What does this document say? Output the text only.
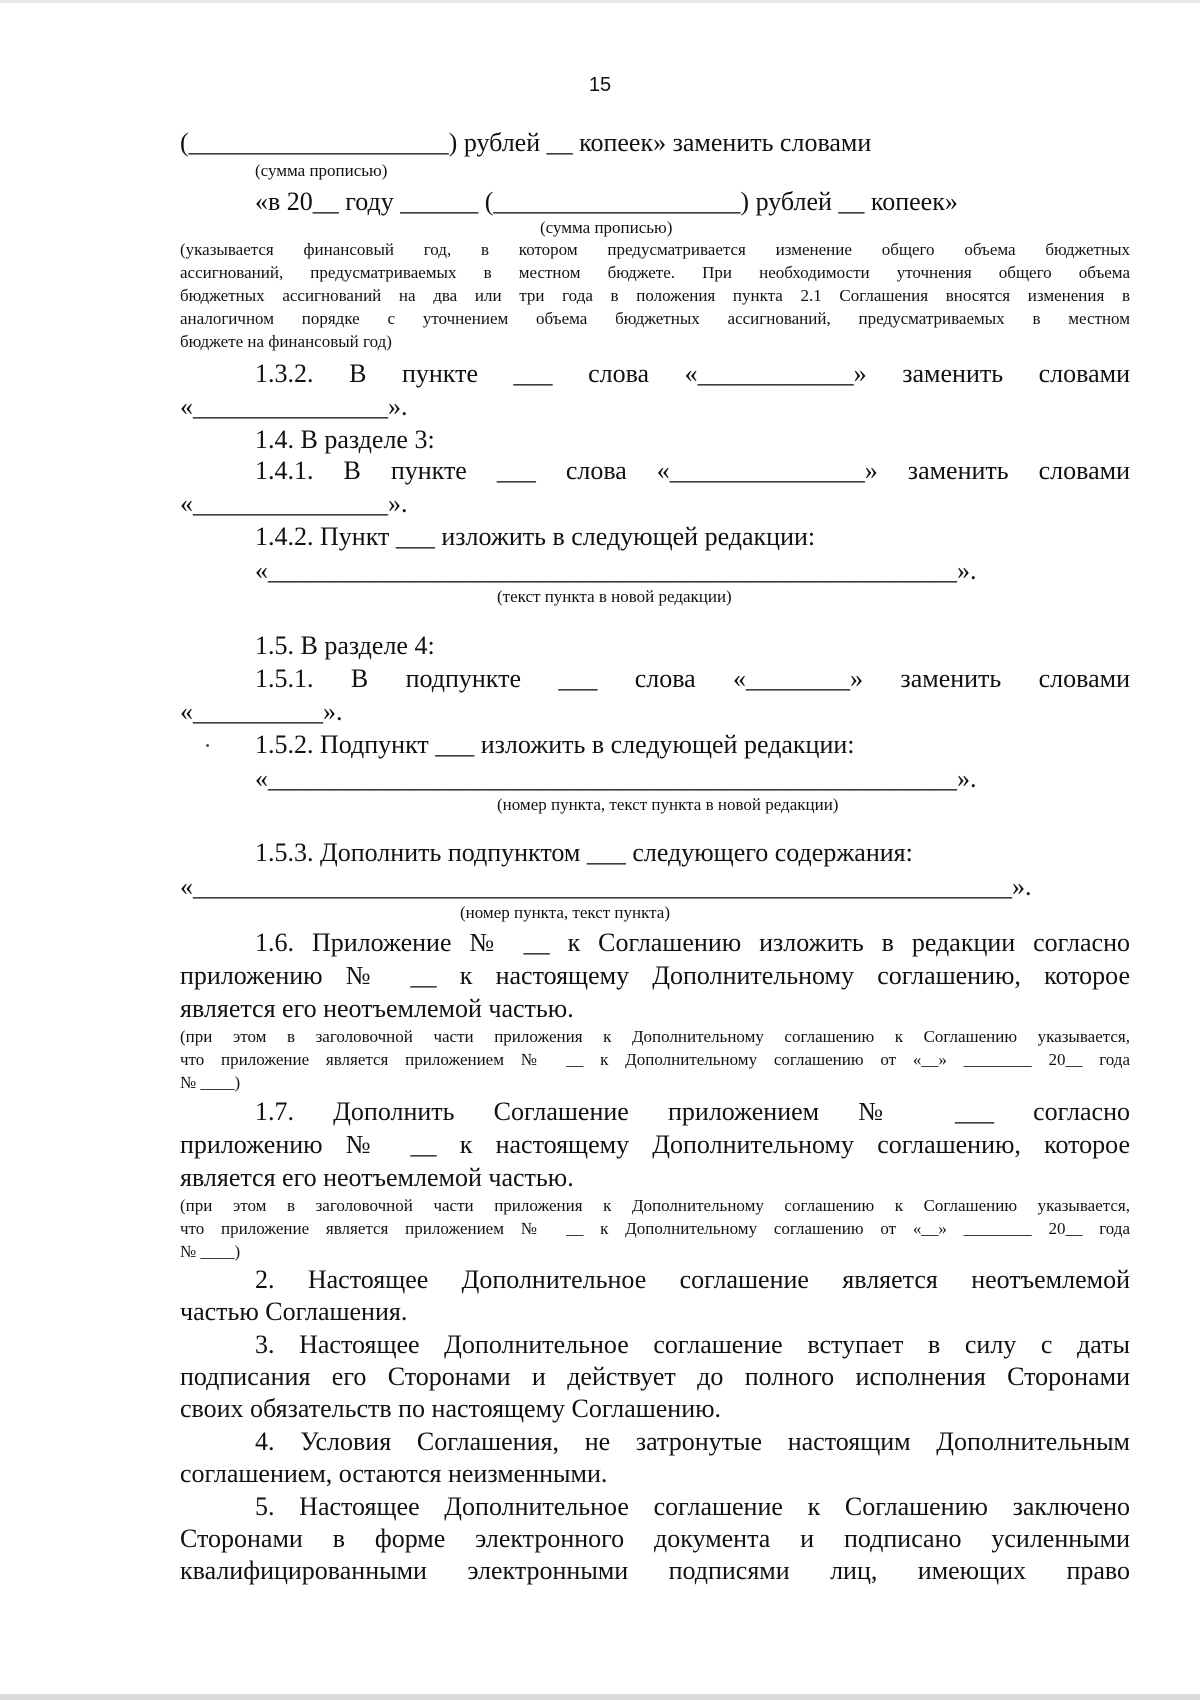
15
(____________________) рублей __ копеек» заменить словами
(сумма прописью)
«в 20__ году ______ (___________________) рублей __ копеек»
(сумма прописью)
(указывается финансовый год, в котором предусматривается изменение общего объема бюджетных
ассигнований, предусматриваемых в местном бюджете. При необходимости уточнения общего объема
бюджетных ассигнований на два или три года в положения пункта 2.1 Соглашения вносятся изменения в
аналогичном порядке с уточнением объема бюджетных ассигнований, предусматриваемых в местном
бюджете на финансовый год)
1.3.2. В пункте ___ слова «____________» заменить словами
«_______________».
1.4. В разделе 3:
1.4.1. В пункте ___ слова «_______________» заменить словами
«_______________».
1.4.2. Пункт ___ изложить в следующей редакции:
«_____________________________________________________».
(текст пункта в новой редакции)
1.5. В разделе 4:
1.5.1. В подпункте ___ слова «________» заменить словами
«__________».
1.5.2. Подпункт ___ изложить в следующей редакции:
«_____________________________________________________».
(номер пункта, текст пункта в новой редакции)
1.5.3. Дополнить подпунктом ___ следующего содержания:
«_______________________________________________________________».
(номер пункта, текст пункта)
1.6. Приложение № __ к Соглашению изложить в редакции согласно
приложению № __ к настоящему Дополнительному соглашению, которое
является его неотъемлемой частью.
(при этом в заголовочной части приложения к Дополнительному соглашению к Соглашению указывается,
что приложение является приложением № __ к Дополнительному соглашению от «__» ________ 20__ года
№ ____)
1.7. Дополнить Соглашение приложением № ___ согласно
приложению № __ к настоящему Дополнительному соглашению, которое
является его неотъемлемой частью.
(при этом в заголовочной части приложения к Дополнительному соглашению к Соглашению указывается,
что приложение является приложением № __ к Дополнительному соглашению от «__» ________ 20__ года
№ ____)
2. Настоящее Дополнительное соглашение является неотъемлемой
частью Соглашения.
3. Настоящее Дополнительное соглашение вступает в силу с даты
подписания его Сторонами и действует до полного исполнения Сторонами
своих обязательств по настоящему Соглашению.
4. Условия Соглашения, не затронутые настоящим Дополнительным
соглашением, остаются неизменными.
5. Настоящее Дополнительное соглашение к Соглашению заключено
Сторонами в форме электронного документа и подписано усиленными
квалифицированными электронными подписями лиц, имеющих право
